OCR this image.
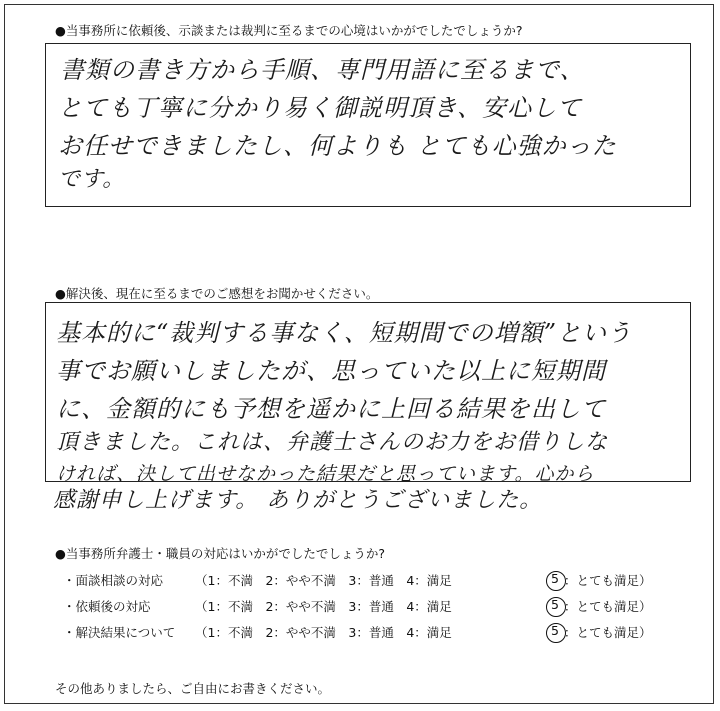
●当事務所に依頼後、示談または裁判に至るまでの心境はいかがでしたでしょうか?
書類の書き方から手順、専門用語に至るまで、
とても丁寧に分かり易く御説明頂き、安心して
お任せできましたし、何よりも とても心強かった
です。
●解決後、現在に至るまでのご感想をお聞かせください。
基本的に“裁判する事なく、短期間での増額”という
事でお願いしましたが、思っていた以上に短期間
に、金額的にも予想を遥かに上回る結果を出して
頂きました。これは、弁護士さんのお力をお借りしな
ければ、決して出せなかった結果だと思っています。心から
感謝申し上げます。 ありがとうございました。
●当事務所弁護士・職員の対応はいかがでしたでしょうか?
・面談相談の対応	（1：不満　2：やや不満　3：普通　4：満足	5 ：とても満足）
・依頼後の対応	（1：不満　2：やや不満　3：普通　4：満足	5 ：とても満足）
・解決結果について （1：不満　2：やや不満　3：普通　4：満足	5 ：とても満足）
その他ありましたら、ご自由にお書きください。
